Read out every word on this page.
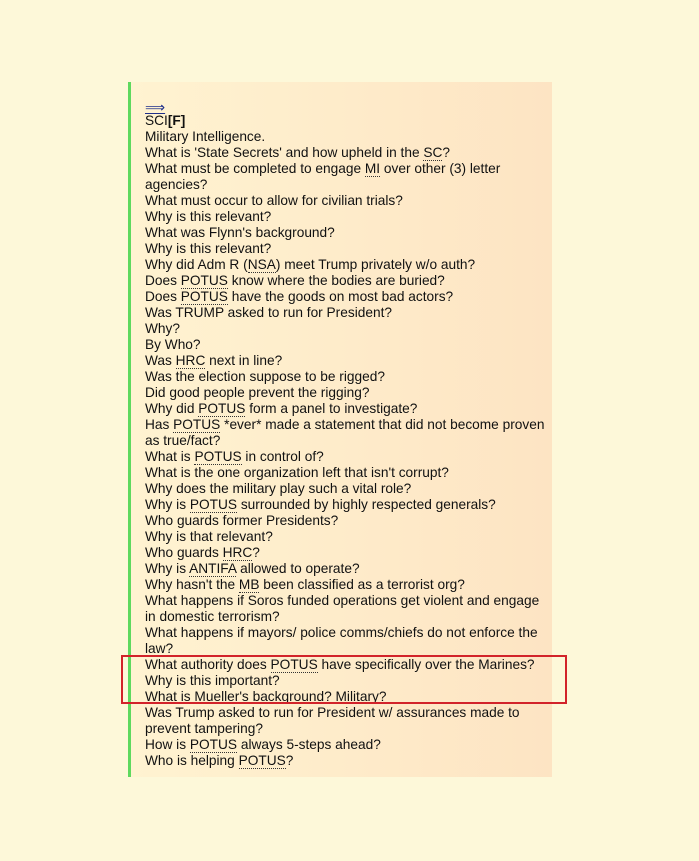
⟹
SCI[F]
Military Intelligence.
What is 'State Secrets' and how upheld in the SC?
What must be completed to engage MI over other (3) letter agencies?
What must occur to allow for civilian trials?
Why is this relevant?
What was Flynn's background?
Why is this relevant?
Why did Adm R (NSA) meet Trump privately w/o auth?
Does POTUS know where the bodies are buried?
Does POTUS have the goods on most bad actors?
Was TRUMP asked to run for President?
Why?
By Who?
Was HRC next in line?
Was the election suppose to be rigged?
Did good people prevent the rigging?
Why did POTUS form a panel to investigate?
Has POTUS *ever* made a statement that did not become proven as true/fact?
What is POTUS in control of?
What is the one organization left that isn't corrupt?
Why does the military play such a vital role?
Why is POTUS surrounded by highly respected generals?
Who guards former Presidents?
Why is that relevant?
Who guards HRC?
Why is ANTIFA allowed to operate?
Why hasn't the MB been classified as a terrorist org?
What happens if Soros funded operations get violent and engage in domestic terrorism?
What happens if mayors/ police comms/chiefs do not enforce the law?
What authority does POTUS have specifically over the Marines?
Why is this important?
What is Mueller's background? Military?
Was Trump asked to run for President w/ assurances made to prevent tampering?
How is POTUS always 5-steps ahead?
Who is helping POTUS?
